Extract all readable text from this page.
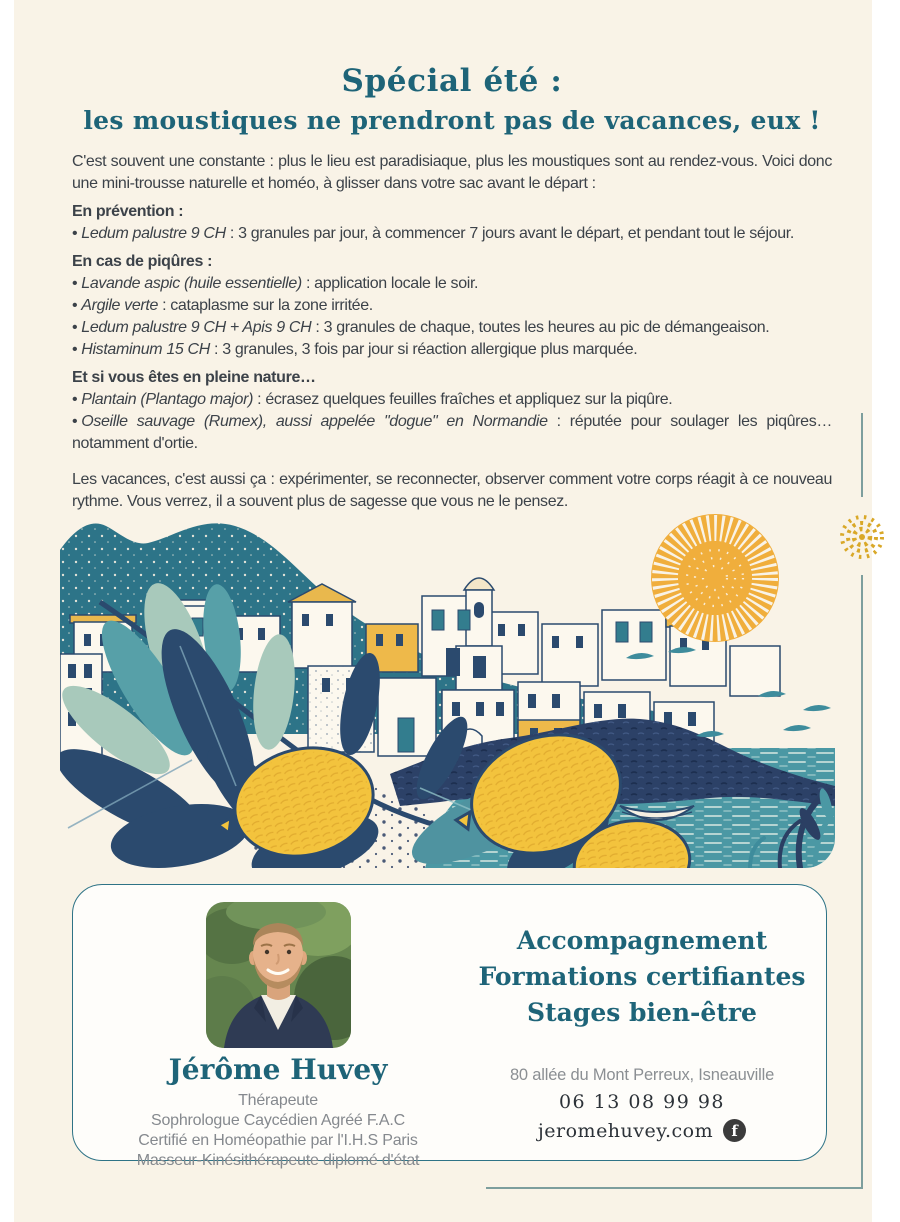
Spécial été :
les moustiques ne prendront pas de vacances, eux !

C'est souvent une constante : plus le lieu est paradisiaque, plus les moustiques sont au rendez-vous. Voici donc une mini-trousse naturelle et homéo, à glisser dans votre sac avant le départ :

En prévention :

• Ledum palustre 9 CH : 3 granules par jour, à commencer 7 jours avant le départ, et pendant tout le séjour.

En cas de piqûres :

• Lavande aspic (huile essentielle) : application locale le soir.

• Argile verte : cataplasme sur la zone irritée.

• Ledum palustre 9 CH + Apis 9 CH : 3 granules de chaque, toutes les heures au pic de démangeaison.

• Histaminum 15 CH : 3 granules, 3 fois par jour si réaction allergique plus marquée.

Et si vous êtes en pleine nature…

• Plantain (Plantago major) : écrasez quelques feuilles fraîches et appliquez sur la piqûre.

• Oseille sauvage (Rumex), aussi appelée "dogue" en Normandie : réputée pour soulager les piqûres… notamment d'ortie.

Les vacances, c'est aussi ça : expérimenter, se reconnecter, observer comment votre corps réagit à ce nouveau rythme. Vous verrez, il a souvent plus de sagesse que vous ne le pensez.

Jérôme Huvey
Thérapeute
Sophrologue Caycédien Agréé F.A.C
Certifié en Homéopathie par l'I.H.S Paris
Masseur-Kinésithérapeute diplomé d'état
Accompagnement
Formations certifiantes
Stages bien-être
80 allée du Mont Perreux, Isneauville
06 13 08 99 98
jeromehuvey.com	f
